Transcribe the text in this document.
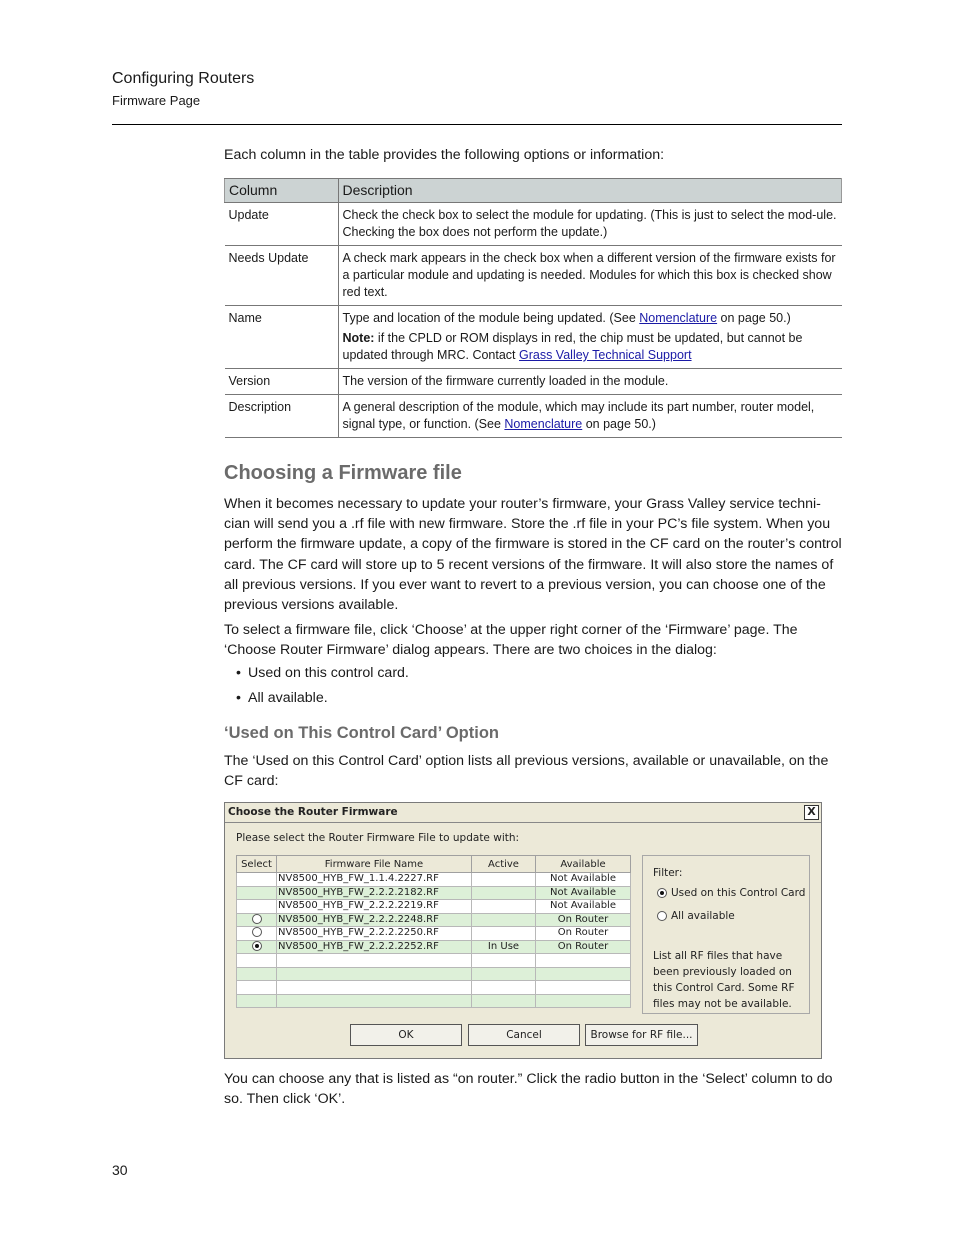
Configuring Routers
Firmware Page

Each column in the table provides the following options or information:

Column	Description
Update	Check the check box to select the module for updating. (This is just to select the mod-ule. Checking the box does not perform the update.)
Needs Update	A check mark appears in the check box when a different version of the firmware exists for a particular module and updating is needed. Modules for which this box is checked show red text.
Name	Type and location of the module being updated. (See Nomenclature on page 50.)
Note: if the CPLD or ROM displays in red, the chip must be updated, but cannot be updated through MRC. Contact Grass Valley Technical Support

Version	The version of the firmware currently loaded in the module.
Description	A general description of the module, which may include its part number, router model, signal type, or function. (See Nomenclature on page 50.)
Choosing a Firmware file

When it becomes necessary to update your router’s firmware, your Grass Valley service techni-cian will send you a .rf file with new firmware. Store the .rf file in your PC’s file system. When you perform the firmware update, a copy of the firmware is stored in the CF card on the router’s control card. The CF card will store up to 5 recent versions of the firmware. It will also store the names of all previous versions. If you ever want to revert to a previous version, you can choose one of the previous versions available.

To select a firmware file, click ‘Choose’ at the upper right corner of the ‘Firmware’ page. The ‘Choose Router Firmware’ dialog appears. There are two choices in the dialog:

• Used on this control card.
• All available.
‘Used on This Control Card’ Option

The ‘Used on this Control Card’ option lists all previous versions, available or unavailable, on the CF card:

Choose the Router Firmware	X
Please select the Router Firmware File to update with:
Select	Firmware File Name	Active	Available
	NV8500_HYB_FW_1.1.4.2227.RF		Not Available
	NV8500_HYB_FW_2.2.2.2182.RF		Not Available
	NV8500_HYB_FW_2.2.2.2219.RF		Not Available
	NV8500_HYB_FW_2.2.2.2248.RF		On Router
	NV8500_HYB_FW_2.2.2.2250.RF		On Router
	NV8500_HYB_FW_2.2.2.2252.RF	In Use	On Router

Filter:
Used on this Control Card
All available
List all RF files that have been previously loaded on this Control Card. Some RF files may not be available.
OK	Cancel	Browse for RF file...

You can choose any that is listed as “on router.” Click the radio button in the ‘Select’ column to do so. Then click ‘OK’.

30
